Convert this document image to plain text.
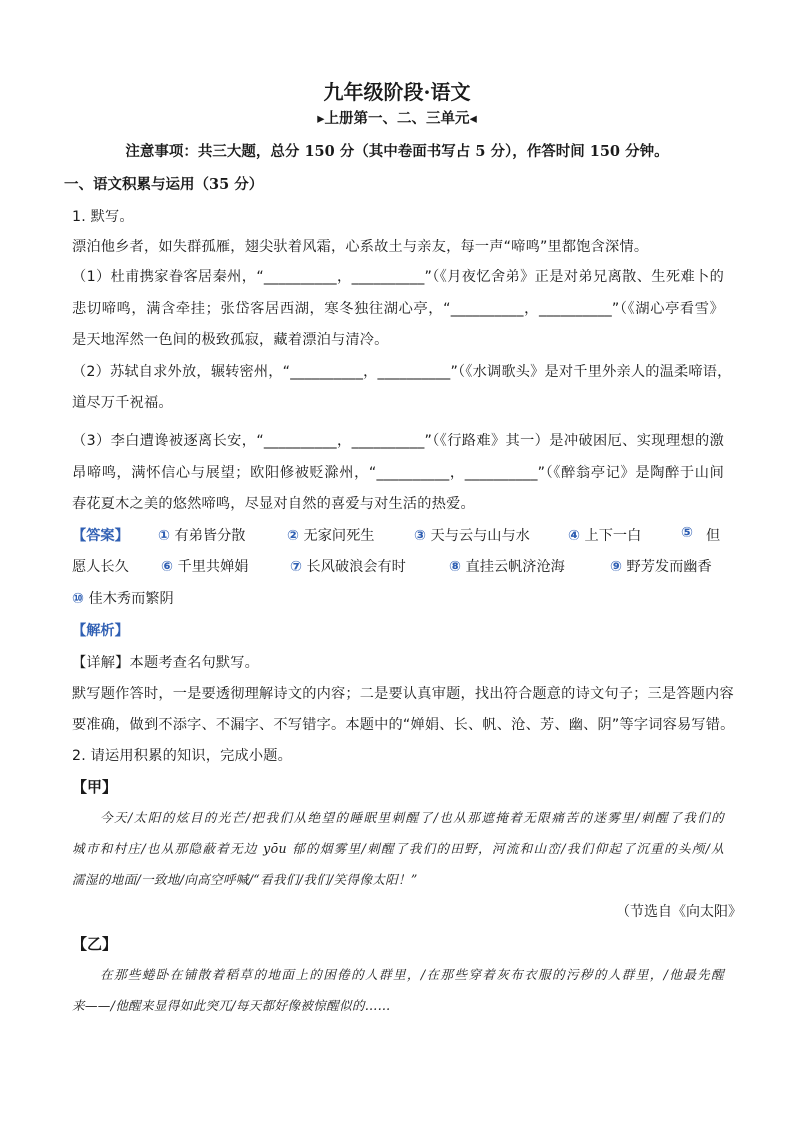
九年级阶段·语文
▸上册第一、二、三单元◂
注意事项：共三大题，总分 150 分（其中卷面书写占 5 分），作答时间 150 分钟。
一、语文积累与运用（35 分）
1. 默写。
漂泊他乡者，如失群孤雁，翅尖驮着风霜，心系故土与亲友，每一声“啼鸣”里都饱含深情。
（1）杜甫携家眷客居秦州，“__________，__________”（《月夜忆舍弟》正是对弟兄离散、生死难卜的
悲切啼鸣，满含牵挂；张岱客居西湖，寒冬独往湖心亭，“__________，__________”（《湖心亭看雪》
是天地浑然一色间的极致孤寂，藏着漂泊与清冷。
（2）苏轼自求外放，辗转密州，“__________，__________”（《水调歌头》是对千里外亲人的温柔啼语，
道尽万千祝福。
（3）李白遭谗被逐离长安，“__________，__________”（《行路难》其一）是冲破困厄、实现理想的激
昂啼鸣，满怀信心与展望；欧阳修被贬滁州，“__________，__________”（《醉翁亭记》是陶醉于山间
春花夏木之美的悠然啼鸣，尽显对自然的喜爱与对生活的热爱。
【答案】 ① 有弟皆分散	② 无家问死生	③ 天与云与山与水	④ 上下一白	⑤ 但
愿人长久 ⑥ 千里共婵娟	⑦ 长风破浪会有时	⑧ 直挂云帆济沧海	⑨ 野芳发而幽香
⑩ 佳木秀而繁阴
【解析】
【详解】本题考查名句默写。
默写题作答时，一是要透彻理解诗文的内容；二是要认真审题，找出符合题意的诗文句子；三是答题内容
要准确，做到不添字、不漏字、不写错字。本题中的“婵娟、长、帆、沧、芳、幽、阴”等字词容易写错。
2. 请运用积累的知识，完成小题。
【甲】
今天/太阳的炫目的光芒/把我们从绝望的睡眠里刺醒了/也从那遮掩着无限痛苦的迷雾里/刺醒了我们的
城市和村庄/也从那隐蔽着无边 yōu 郁的烟雾里/刺醒了我们的田野，河流和山峦/我们仰起了沉重的头颅/从
濡湿的地面/一致地/向高空呼喊/“看我们/我们/笑得像太阳！”
（节选自《向太阳》
【乙】
在那些蜷卧在铺散着稻草的地面上的困倦的人群里，/在那些穿着灰布衣服的污秽的人群里，/他最先醒
来——/他醒来显得如此突兀/每天都好像被惊醒似的……
